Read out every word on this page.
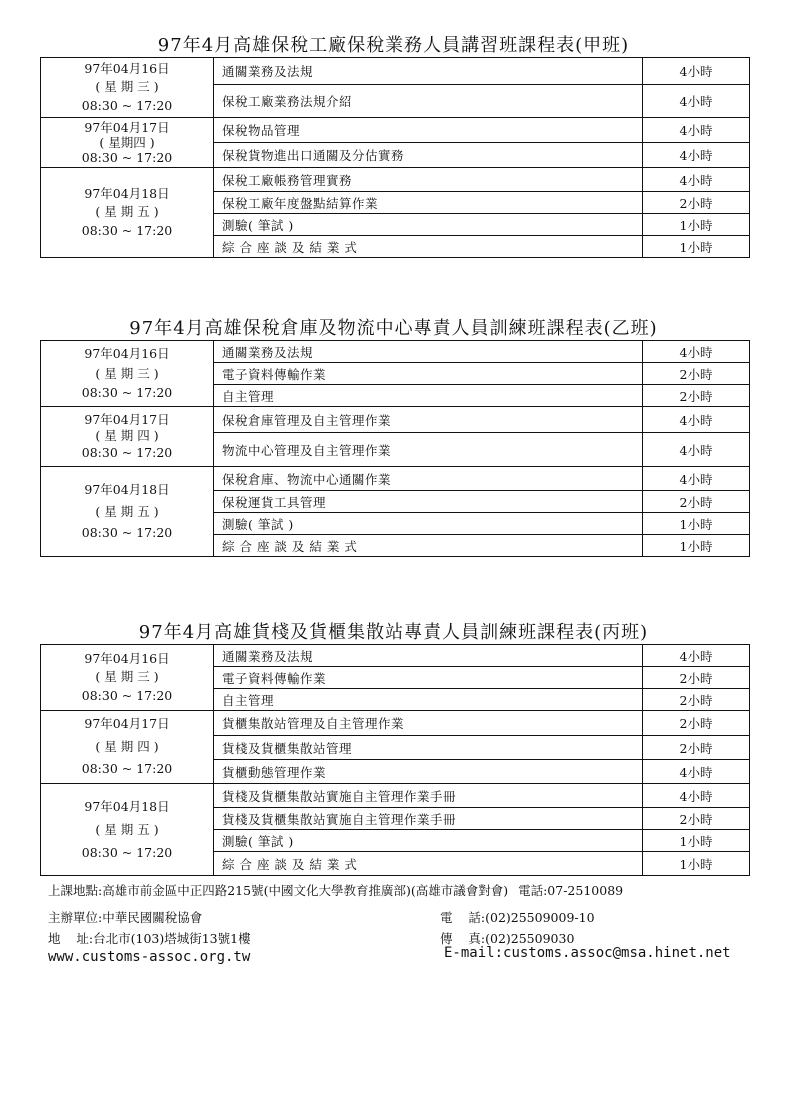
97年4月高雄保稅工廠保稅業務人員講習班課程表(甲班)
97年04月16日
( 星 期 三 )
08:30 ~ 17:20	通關業務及法規	4小時
	保稅工廠業務法規介紹	4小時

97年04月17日
( 星期四 )
08:30 ~ 17:20	保稅物品管理	4小時
	保稅貨物進出口通關及分估實務	4小時

97年04月18日
( 星 期 五 )
08:30 ~ 17:20	保稅工廠帳務管理實務	4小時
	保稅工廠年度盤點結算作業	2小時
	測驗( 筆試 )	1小時
	綜 合 座 談 及 結 業 式	1小時
97年4月高雄保稅倉庫及物流中心專責人員訓練班課程表(乙班)
97年04月16日
( 星 期 三 )
08:30 ~ 17:20	通關業務及法規	4小時
	電子資料傳輸作業	2小時
	自主管理	2小時

97年04月17日
( 星 期 四 )
08:30 ~ 17:20	保稅倉庫管理及自主管理作業	4小時
	物流中心管理及自主管理作業	4小時

97年04月18日
( 星 期 五 )
08:30 ~ 17:20	保稅倉庫、物流中心通關作業	4小時
	保稅運貨工具管理	2小時
	測驗( 筆試 )	1小時
	綜 合 座 談 及 結 業 式	1小時
97年4月高雄貨棧及貨櫃集散站專責人員訓練班課程表(丙班)
97年04月16日
( 星 期 三 )
08:30 ~ 17:20	通關業務及法規	4小時
	電子資料傳輸作業	2小時
	自主管理	2小時

97年04月17日
( 星 期 四 )
08:30 ~ 17:20	貨櫃集散站管理及自主管理作業	2小時
	貨棧及貨櫃集散站管理	2小時
	貨櫃動態管理作業	4小時

97年04月18日
( 星 期 五 )
08:30 ~ 17:20	貨棧及貨櫃集散站實施自主管理作業手冊	4小時
	貨棧及貨櫃集散站實施自主管理作業手冊	2小時
	測驗( 筆試 )	1小時
	綜 合 座 談 及 結 業 式	1小時
上課地點:高雄市前金區中正四路215號(中國文化大學教育推廣部)(高雄市議會對會) 電話:07-2510089
主辦單位:中華民國關稅協會	電    話:(02)25509009-10
地    址:台北市(103)塔城街13號1樓	傳    真:(02)25509030
www.customs-assoc.org.tw	E-mail:customs.assoc@msa.hinet.net
